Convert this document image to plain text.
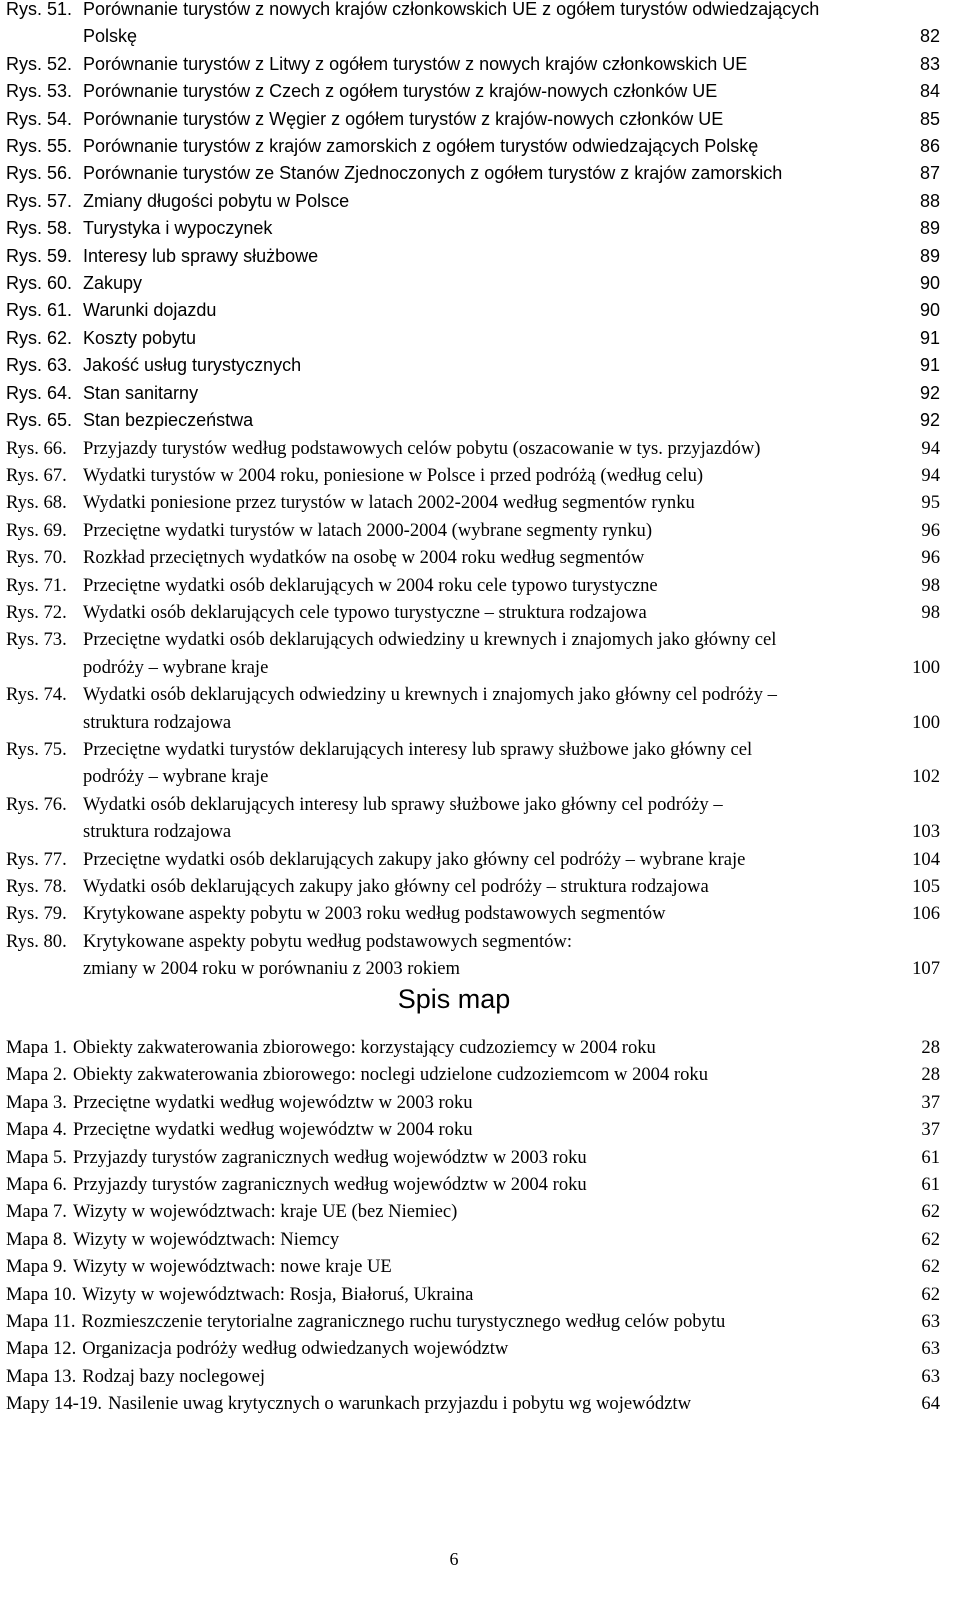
Rys. 51. Porównanie turystów z nowych krajów członkowskich UE z ogółem turystów odwiedzających
Polskę	82
Rys. 52. Porównanie turystów z Litwy z ogółem turystów z nowych krajów członkowskich UE	83
Rys. 53. Porównanie turystów z Czech z ogółem turystów z krajów-nowych członków UE	84
Rys. 54. Porównanie turystów z Węgier z ogółem turystów z krajów-nowych członków UE	85
Rys. 55. Porównanie turystów z krajów zamorskich z ogółem turystów odwiedzających Polskę	86
Rys. 56. Porównanie turystów ze Stanów Zjednoczonych z ogółem turystów z krajów zamorskich	87
Rys. 57. Zmiany długości pobytu w Polsce	88
Rys. 58. Turystyka i wypoczynek	89
Rys. 59. Interesy lub sprawy służbowe	89
Rys. 60. Zakupy	90
Rys. 61. Warunki dojazdu	90
Rys. 62. Koszty pobytu	91
Rys. 63. Jakość usług turystycznych	91
Rys. 64. Stan sanitarny	92
Rys. 65. Stan bezpieczeństwa	92
Rys. 66. Przyjazdy turystów według podstawowych celów pobytu (oszacowanie w tys. przyjazdów)	94
Rys. 67. Wydatki turystów w 2004 roku, poniesione w Polsce i przed podróżą (według celu)	94
Rys. 68. Wydatki poniesione przez turystów w latach 2002-2004 według segmentów rynku	95
Rys. 69. Przeciętne wydatki turystów w latach 2000-2004 (wybrane segmenty rynku)	96
Rys. 70. Rozkład przeciętnych wydatków na osobę w 2004 roku według segmentów	96
Rys. 71. Przeciętne wydatki osób deklarujących w 2004 roku cele typowo turystyczne	98
Rys. 72. Wydatki osób deklarujących cele typowo turystyczne – struktura rodzajowa	98
Rys. 73. Przeciętne wydatki osób deklarujących odwiedziny u krewnych i znajomych jako główny cel
podróży – wybrane kraje	100
Rys. 74. Wydatki osób deklarujących odwiedziny u krewnych i znajomych jako główny cel podróży –
struktura rodzajowa	100
Rys. 75. Przeciętne wydatki turystów deklarujących interesy lub sprawy służbowe jako główny cel
podróży – wybrane kraje	102
Rys. 76. Wydatki osób deklarujących interesy lub sprawy służbowe jako główny cel podróży –
struktura rodzajowa	103
Rys. 77. Przeciętne wydatki osób deklarujących zakupy jako główny cel podróży – wybrane kraje	104
Rys. 78. Wydatki osób deklarujących zakupy jako główny cel podróży – struktura rodzajowa	105
Rys. 79. Krytykowane aspekty pobytu w 2003 roku według podstawowych segmentów	106
Rys. 80. Krytykowane aspekty pobytu według podstawowych segmentów:
zmiany w 2004 roku w porównaniu z 2003 rokiem	107
Spis map
Mapa 1. Obiekty zakwaterowania zbiorowego: korzystający cudzoziemcy w 2004 roku	28
Mapa 2. Obiekty zakwaterowania zbiorowego: noclegi udzielone cudzoziemcom w 2004 roku	28
Mapa 3. Przeciętne wydatki według województw w 2003 roku	37
Mapa 4. Przeciętne wydatki według województw w 2004 roku	37
Mapa 5. Przyjazdy turystów zagranicznych według województw w 2003 roku	61
Mapa 6. Przyjazdy turystów zagranicznych według województw w 2004 roku	61
Mapa 7. Wizyty w województwach: kraje UE (bez Niemiec)	62
Mapa 8. Wizyty w województwach: Niemcy	62
Mapa 9. Wizyty w województwach: nowe kraje UE	62
Mapa 10. Wizyty w województwach: Rosja, Białoruś, Ukraina	62
Mapa 11. Rozmieszczenie terytorialne zagranicznego ruchu turystycznego według celów pobytu	63
Mapa 12. Organizacja podróży według odwiedzanych województw	63
Mapa 13. Rodzaj bazy noclegowej	63
Mapy 14-19. Nasilenie uwag krytycznych o warunkach przyjazdu i pobytu wg województw	64
6
